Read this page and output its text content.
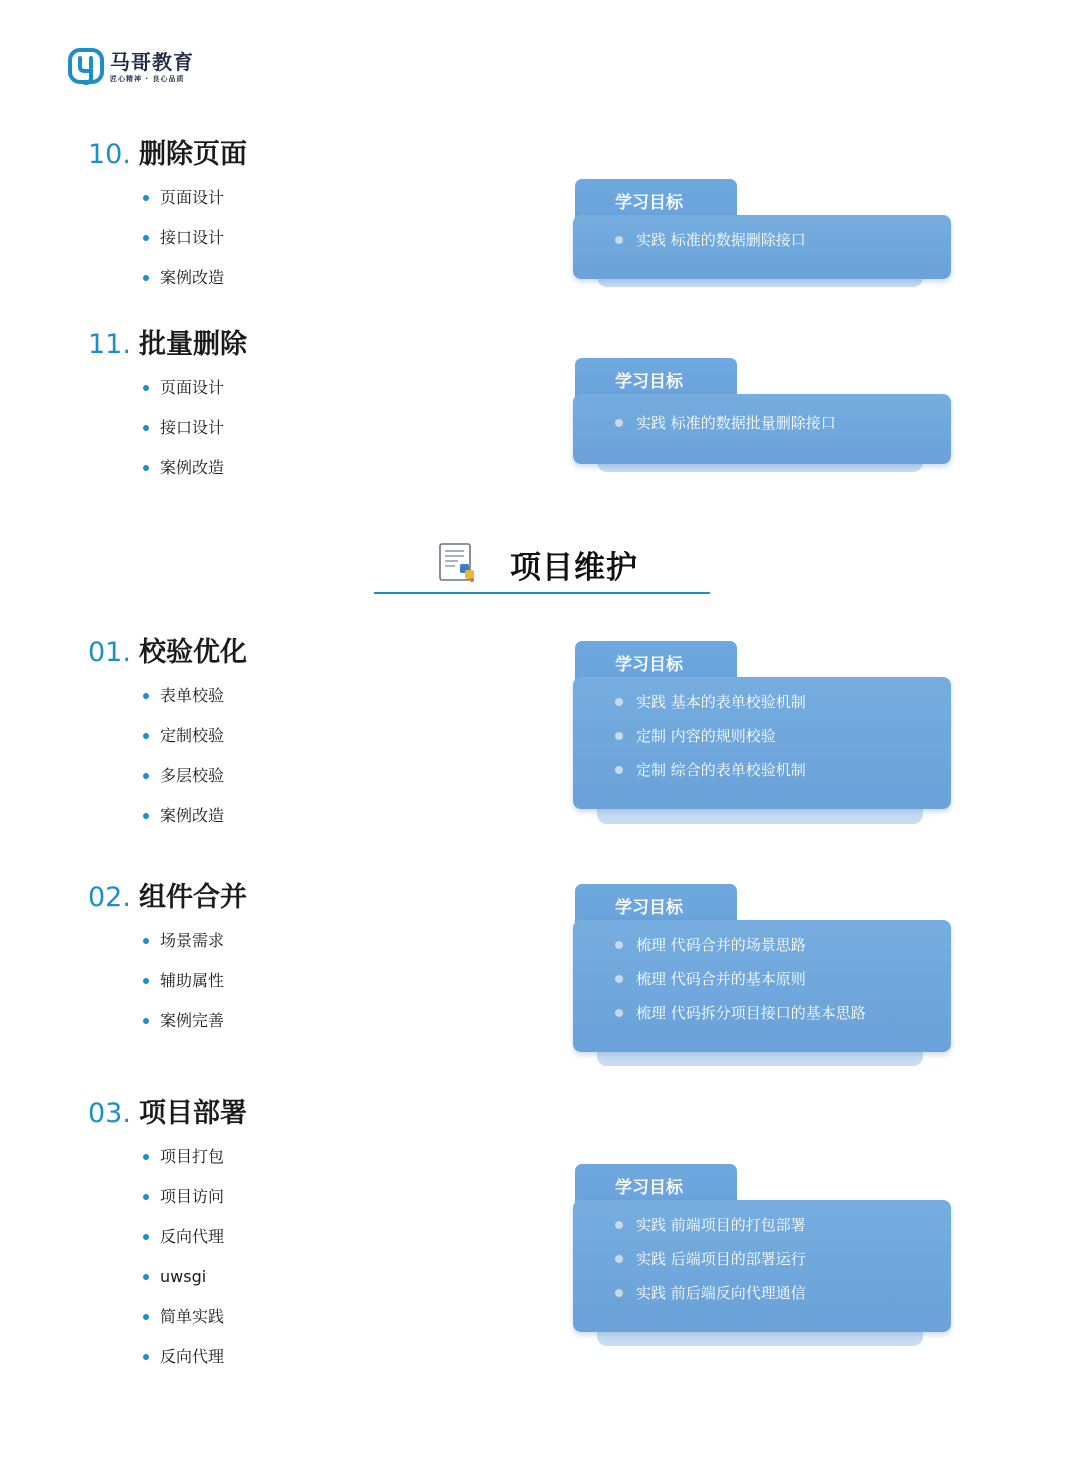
马哥教育
匠心精神 · 良心品质
10. 删除页面
页面设计
接口设计
案例改造
学习目标
实践 标准的数据删除接口
11. 批量删除
页面设计
接口设计
案例改造
学习目标
实践 标准的数据批量删除接口
项目维护
01. 校验优化
表单校验
定制校验
多层校验
案例改造
学习目标
实践 基本的表单校验机制
定制 内容的规则校验
定制 综合的表单校验机制
02. 组件合并
场景需求
辅助属性
案例完善
学习目标
梳理 代码合并的场景思路
梳理 代码合并的基本原则
梳理 代码拆分项目接口的基本思路
03. 项目部署
项目打包
项目访问
反向代理
uwsgi
简单实践
反向代理
学习目标
实践 前端项目的打包部署
实践 后端项目的部署运行
实践 前后端反向代理通信
